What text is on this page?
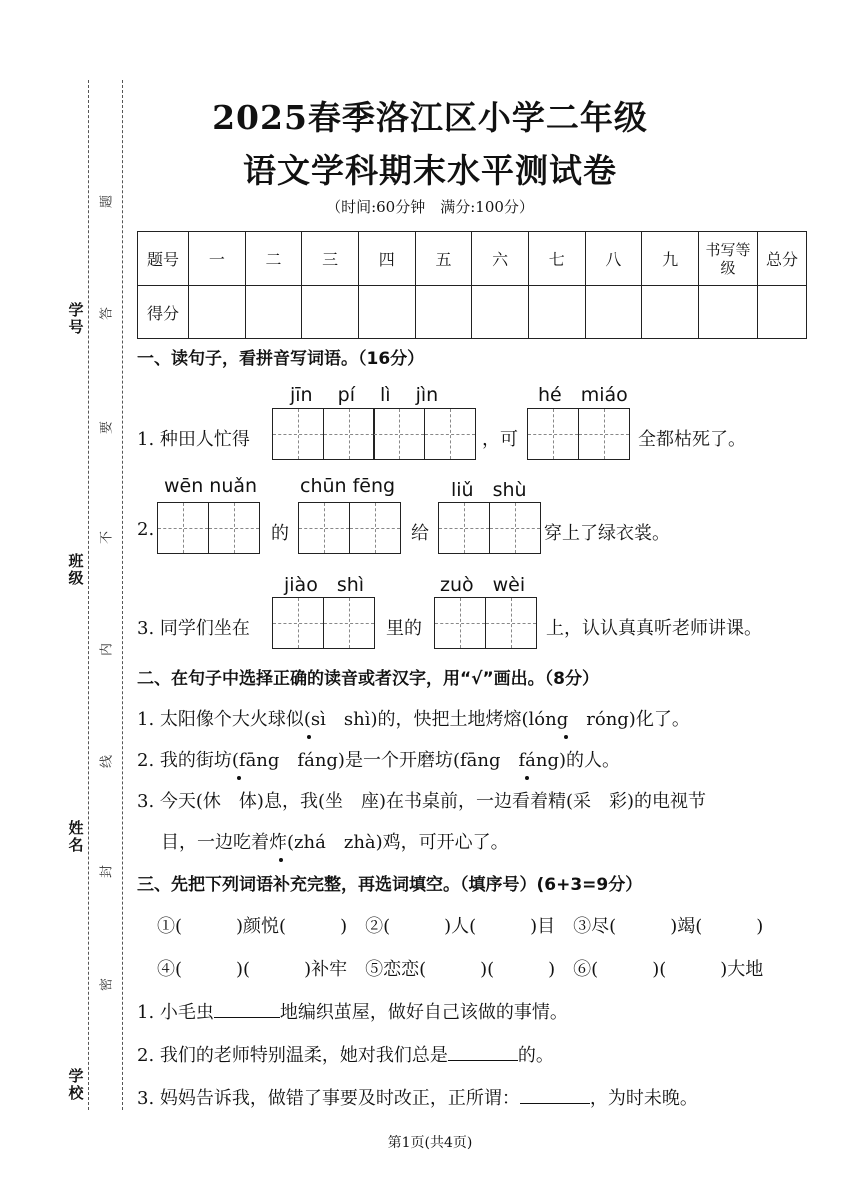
学号
班级
姓名
学校
题
答
要
不
内
线
封
密
2025春季洛江区小学二年级
语文学科期末水平测试卷
（时间:60分钟　满分:100分）
题号	一	二	三	四	五	六	七	八	九	书写等级	总分
得分											
一、读句子，看拼音写词语。（16分）
jīn　 pí　 lì　 jìn	hé　miáo
1. 种田人忙得	，可	全都枯死了。
wēn nuǎn chūn fēng	liǔ　shù
2.	的	给	穿上了绿衣裳。
jiào　shì	zuò　wèi
3. 同学们坐在	里的	上，认认真真听老师讲课。
二、在句子中选择正确的读音或者汉字，用“√”画出。（8分）
1. 太阳像个大火球似(sì　shì)的，快把土地烤熔(lóng　róng)化了。
2. 我的街坊(fāng　fáng)是一个开磨坊(fāng　fáng)的人。
3. 今天(休　体)息，我(坐　座)在书桌前，一边看着精(采　彩)的电视节
目，一边吃着炸(zhá　zhà)鸡，可开心了。
三、先把下列词语补充完整，再选词填空。（填序号）(6+3=9分）
①(　　　)颜悦(　　　)　②(　　　)人(　　　)目　③尽(　　　)竭(　　　)
④(　　　)(　　　)补牢　⑤恋恋(　　　)(　　　)　⑥(　　　)(　　　)大地
1. 小毛虫	地编织茧屋，做好自己该做的事情。
2. 我们的老师特别温柔，她对我们总是	的。
3. 妈妈告诉我，做错了事要及时改正，正所谓：	，为时未晚。
第1页(共4页)
